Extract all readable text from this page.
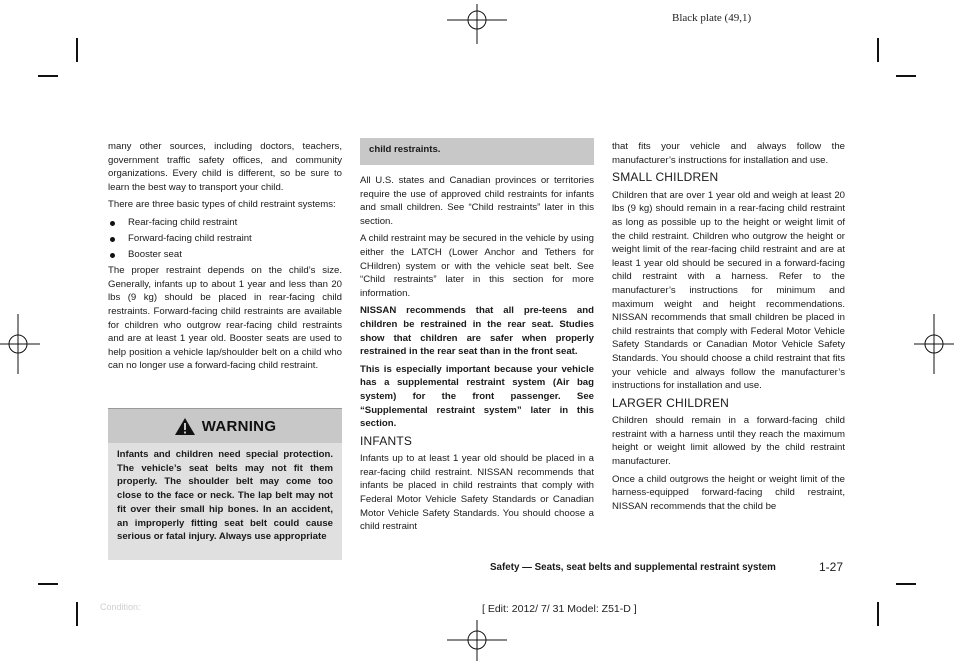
Black plate (49,1)

many other sources, including doctors, teachers, government traffic safety offices, and community organizations. Every child is different, so be sure to learn the best way to transport your child.

There are three basic types of child restraint systems:

Rear-facing child restraint
Forward-facing child restraint
Booster seat

The proper restraint depends on the child’s size. Generally, infants up to about 1 year and less than 20 lbs (9 kg) should be placed in rear-facing child restraints. Forward-facing child restraints are available for children who outgrow rear-facing child restraints and are at least 1 year old. Booster seats are used to help position a vehicle lap/shoulder belt on a child who can no longer use a forward-facing child restraint.

WARNING
Infants and children need special protection. The vehicle’s seat belts may not fit them properly. The shoulder belt may come too close to the face or neck. The lap belt may not fit over their small hip bones. In an accident, an improperly fitting seat belt could cause serious or fatal injury. Always use appropriate
child restraints.

All U.S. states and Canadian provinces or territories require the use of approved child restraints for infants and small children. See “Child restraints” later in this section.

A child restraint may be secured in the vehicle by using either the LATCH (Lower Anchor and Tethers for CHildren) system or with the vehicle seat belt. See “Child restraints” later in this section for more information.

NISSAN recommends that all pre-teens and children be restrained in the rear seat. Studies show that children are safer when properly restrained in the rear seat than in the front seat.

This is especially important because your vehicle has a supplemental restraint system (Air bag system) for the front passenger. See “Supplemental restraint system” later in this section.

INFANTS

Infants up to at least 1 year old should be placed in a rear-facing child restraint. NISSAN recommends that infants be placed in child restraints that comply with Federal Motor Vehicle Safety Standards or Canadian Motor Vehicle Safety Standards. You should choose a child restraint

that fits your vehicle and always follow the manufacturer’s instructions for installation and use.

SMALL CHILDREN

Children that are over 1 year old and weigh at least 20 lbs (9 kg) should remain in a rear-facing child restraint as long as possible up to the height or weight limit of the child restraint. Children who outgrow the height or weight limit of the rear-facing child restraint and are at least 1 year old should be secured in a forward-facing child restraint with a harness. Refer to the manufacturer’s instructions for minimum and maximum weight and height recommendations. NISSAN recommends that small children be placed in child restraints that comply with Federal Motor Vehicle Safety Standards or Canadian Motor Vehicle Safety Standards. You should choose a child restraint that fits your vehicle and always follow the manufacturer’s instructions for installation and use.

LARGER CHILDREN

Children should remain in a forward-facing child restraint with a harness until they reach the maximum height or weight limit allowed by the child restraint manufacturer.

Once a child outgrows the height or weight limit of the harness-equipped forward-facing child restraint, NISSAN recommends that the child be

Safety — Seats, seat belts and supplemental restraint system	1-27
Condition:	[ Edit: 2012/ 7/ 31 Model: Z51-D ]
